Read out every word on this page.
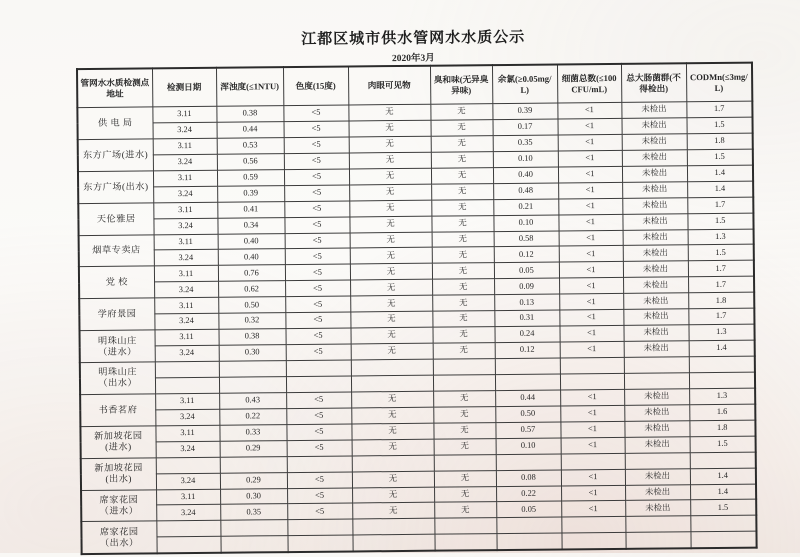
江都区城市供水管网水水质公示
2020年3月
管网水水质检测点地址	检测日期	浑浊度(≤1NTU)	色度(15度)	肉眼可见物	臭和味(无异臭异味)	余氯(≥0.05mg/L)	细菌总数(≤100CFU/mL)	总大肠菌群(不得检出)	CODMn(≤3mg/L)
供 电 局	3.11	0.38	<5	无	无	0.39	<1	未检出	1.7
	3.24	0.44	<5	无	无	0.17	<1	未检出	1.5
东方广场(进水)	3.11	0.53	<5	无	无	0.35	<1	未检出	1.8
	3.24	0.56	<5	无	无	0.10	<1	未检出	1.5
东方广场(出水)	3.11	0.59	<5	无	无	0.40	<1	未检出	1.4
	3.24	0.39	<5	无	无	0.48	<1	未检出	1.4
天伦雅居	3.11	0.41	<5	无	无	0.21	<1	未检出	1.7
	3.24	0.34	<5	无	无	0.10	<1	未检出	1.5
烟草专卖店	3.11	0.40	<5	无	无	0.58	<1	未检出	1.3
	3.24	0.40	<5	无	无	0.12	<1	未检出	1.5
党 校	3.11	0.76	<5	无	无	0.05	<1	未检出	1.7
	3.24	0.62	<5	无	无	0.09	<1	未检出	1.7
学府景园	3.11	0.50	<5	无	无	0.13	<1	未检出	1.8
	3.24	0.32	<5	无	无	0.31	<1	未检出	1.7
明珠山庄（进水）	3.11	0.38	<5	无	无	0.24	<1	未检出	1.3
	3.24	0.30	<5	无	无	0.12	<1	未检出	1.4
明珠山庄（出水）									

书香茗府	3.11	0.43	<5	无	无	0.44	<1	未检出	1.3
	3.24	0.22	<5	无	无	0.50	<1	未检出	1.6
新加坡花园(进水)	3.11	0.33	<5	无	无	0.57	<1	未检出	1.8
	3.24	0.29	<5	无	无	0.10	<1	未检出	1.5
新加坡花园(出水)									
	3.24	0.29	<5	无	无	0.08	<1	未检出	1.4
席家花园（进水）	3.11	0.30	<5	无	无	0.22	<1	未检出	1.4
	3.24	0.35	<5	无	无	0.05	<1	未检出	1.5
席家花园（出水）									
